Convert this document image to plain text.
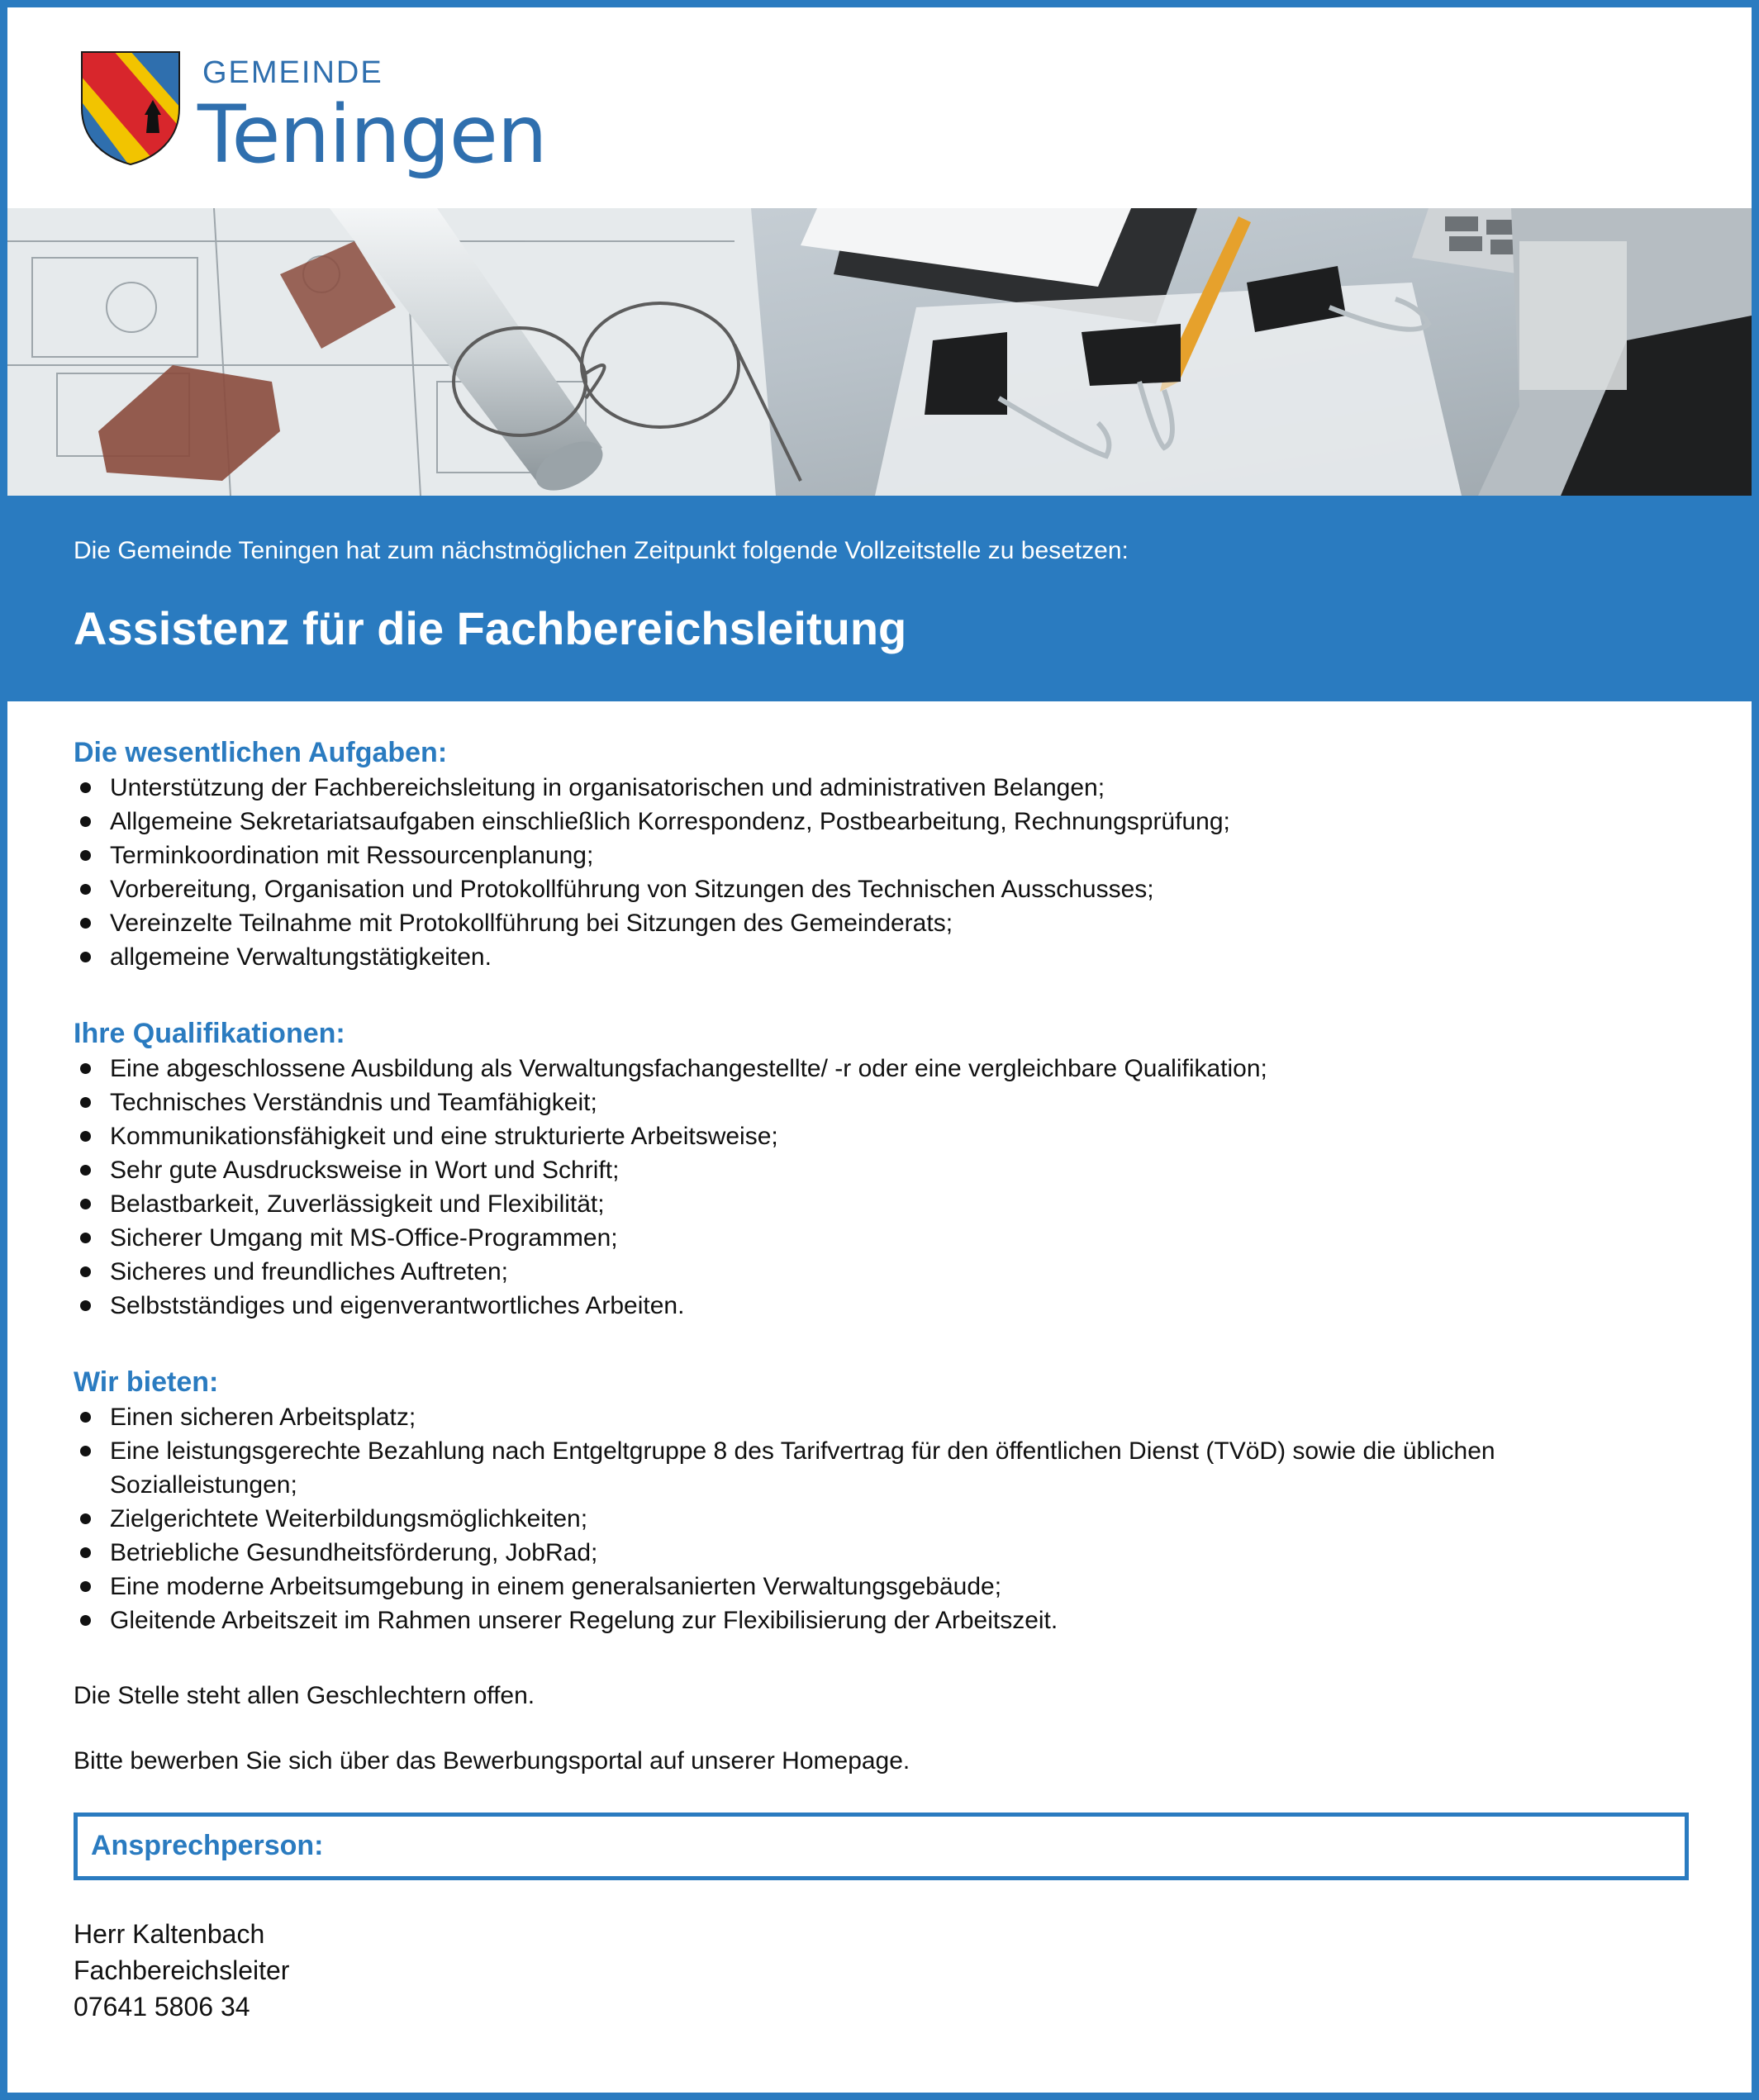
GEMEINDE
Teningen
Die Gemeinde Teningen hat zum nächstmöglichen Zeitpunkt folgende Vollzeitstelle zu besetzen:
Assistenz für die Fachbereichsleitung
Die wesentlichen Aufgaben:
Unterstützung der Fachbereichsleitung in organisatorischen und administrativen Belangen;
Allgemeine Sekretariatsaufgaben einschließlich Korrespondenz, Postbearbeitung, Rechnungsprüfung;
Terminkoordination mit Ressourcenplanung;
Vorbereitung, Organisation und Protokollführung von Sitzungen des Technischen Ausschusses;
Vereinzelte Teilnahme mit Protokollführung bei Sitzungen des Gemeinderats;
allgemeine Verwaltungstätigkeiten.
Ihre Qualifikationen:
Eine abgeschlossene Ausbildung als Verwaltungsfachangestellte/ -r oder eine vergleichbare Qualifikation;
Technisches Verständnis und Teamfähigkeit;
Kommunikationsfähigkeit und eine strukturierte Arbeitsweise;
Sehr gute Ausdrucksweise in Wort und Schrift;
Belastbarkeit, Zuverlässigkeit und Flexibilität;
Sicherer Umgang mit MS-Office-Programmen;
Sicheres und freundliches Auftreten;
Selbstständiges und eigenverantwortliches Arbeiten.
Wir bieten:
Einen sicheren Arbeitsplatz;
Eine leistungsgerechte Bezahlung nach Entgeltgruppe 8 des Tarifvertrag für den öffentlichen Dienst (TVöD) sowie die üblichen Sozialleistungen;
Zielgerichtete Weiterbildungsmöglichkeiten;
Betriebliche Gesundheitsförderung, JobRad;
Eine moderne Arbeitsumgebung in einem generalsanierten Verwaltungsgebäude;
Gleitende Arbeitszeit im Rahmen unserer Regelung zur Flexibilisierung der Arbeitszeit.

Die Stelle steht allen Geschlechtern offen.

Bitte bewerben Sie sich über das Bewerbungsportal auf unserer Homepage.

Ansprechperson:
Herr Kaltenbach
Fachbereichsleiter
07641 5806 34
